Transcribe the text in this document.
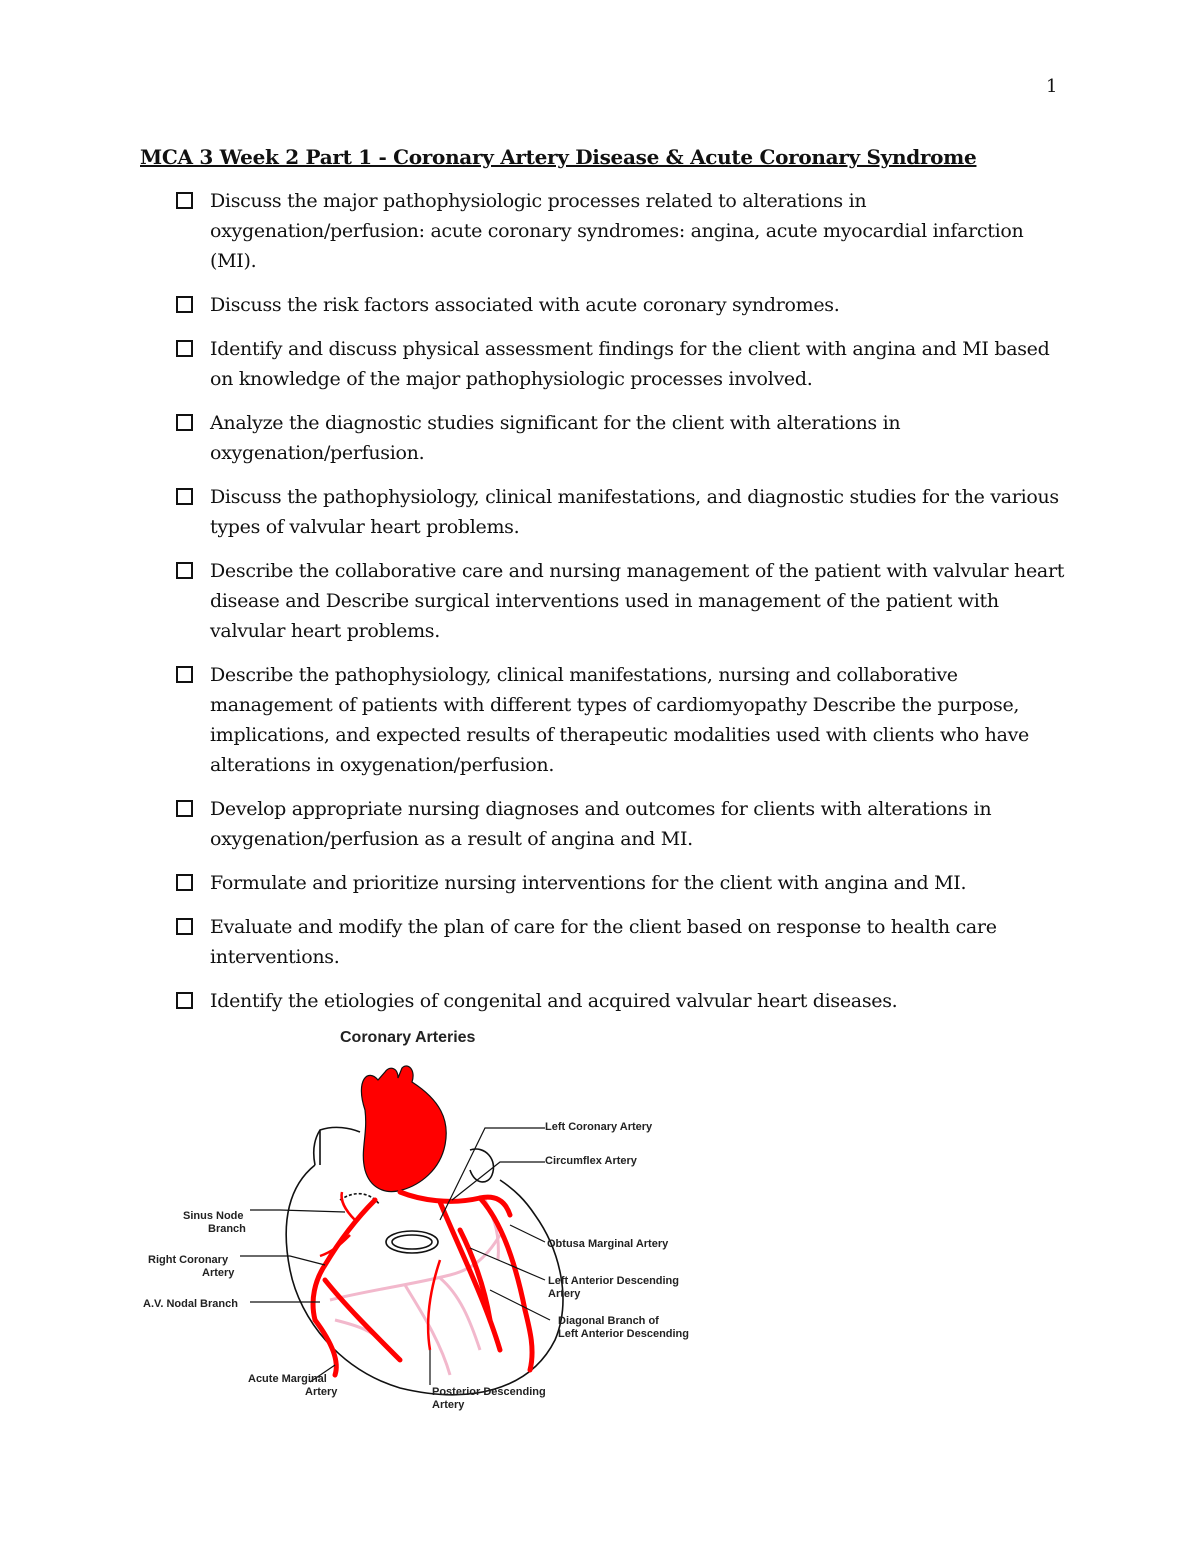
1
MCA 3 Week 2 Part 1 - Coronary Artery Disease & Acute Coronary Syndrome
Discuss the major pathophysiologic processes related to alterations in oxygenation/perfusion: acute coronary syndromes: angina, acute myocardial infarction (MI).
Discuss the risk factors associated with acute coronary syndromes.
Identify and discuss physical assessment findings for the client with angina and MI based on knowledge of the major pathophysiologic processes involved.
Analyze the diagnostic studies significant for the client with alterations in oxygenation/perfusion.
Discuss the pathophysiology, clinical manifestations, and diagnostic studies for the various types of valvular heart problems.
Describe the collaborative care and nursing management of the patient with valvular heart disease and Describe surgical interventions used in management of the patient with valvular heart problems.
Describe the pathophysiology, clinical manifestations, nursing and collaborative management of patients with different types of cardiomyopathy Describe the purpose, implications, and expected results of therapeutic modalities used with clients who have alterations in oxygenation/perfusion.
Develop appropriate nursing diagnoses and outcomes for clients with alterations in oxygenation/perfusion as a result of angina and MI.
Formulate and prioritize nursing interventions for the client with angina and MI.
Evaluate and modify the plan of care for the client based on response to health care interventions.
Identify the etiologies of congenital and acquired valvular heart diseases.
Coronary Arteries
Left Coronary Artery
Circumflex Artery
Obtusa Marginal Artery
Left Anterior Descending
Artery
Diagonal Branch of
Left Anterior Descending
Sinus Node
Branch
Right Coronary
Artery
A.V. Nodal Branch
Acute Marginal
Artery	Posterior Descending
Artery
